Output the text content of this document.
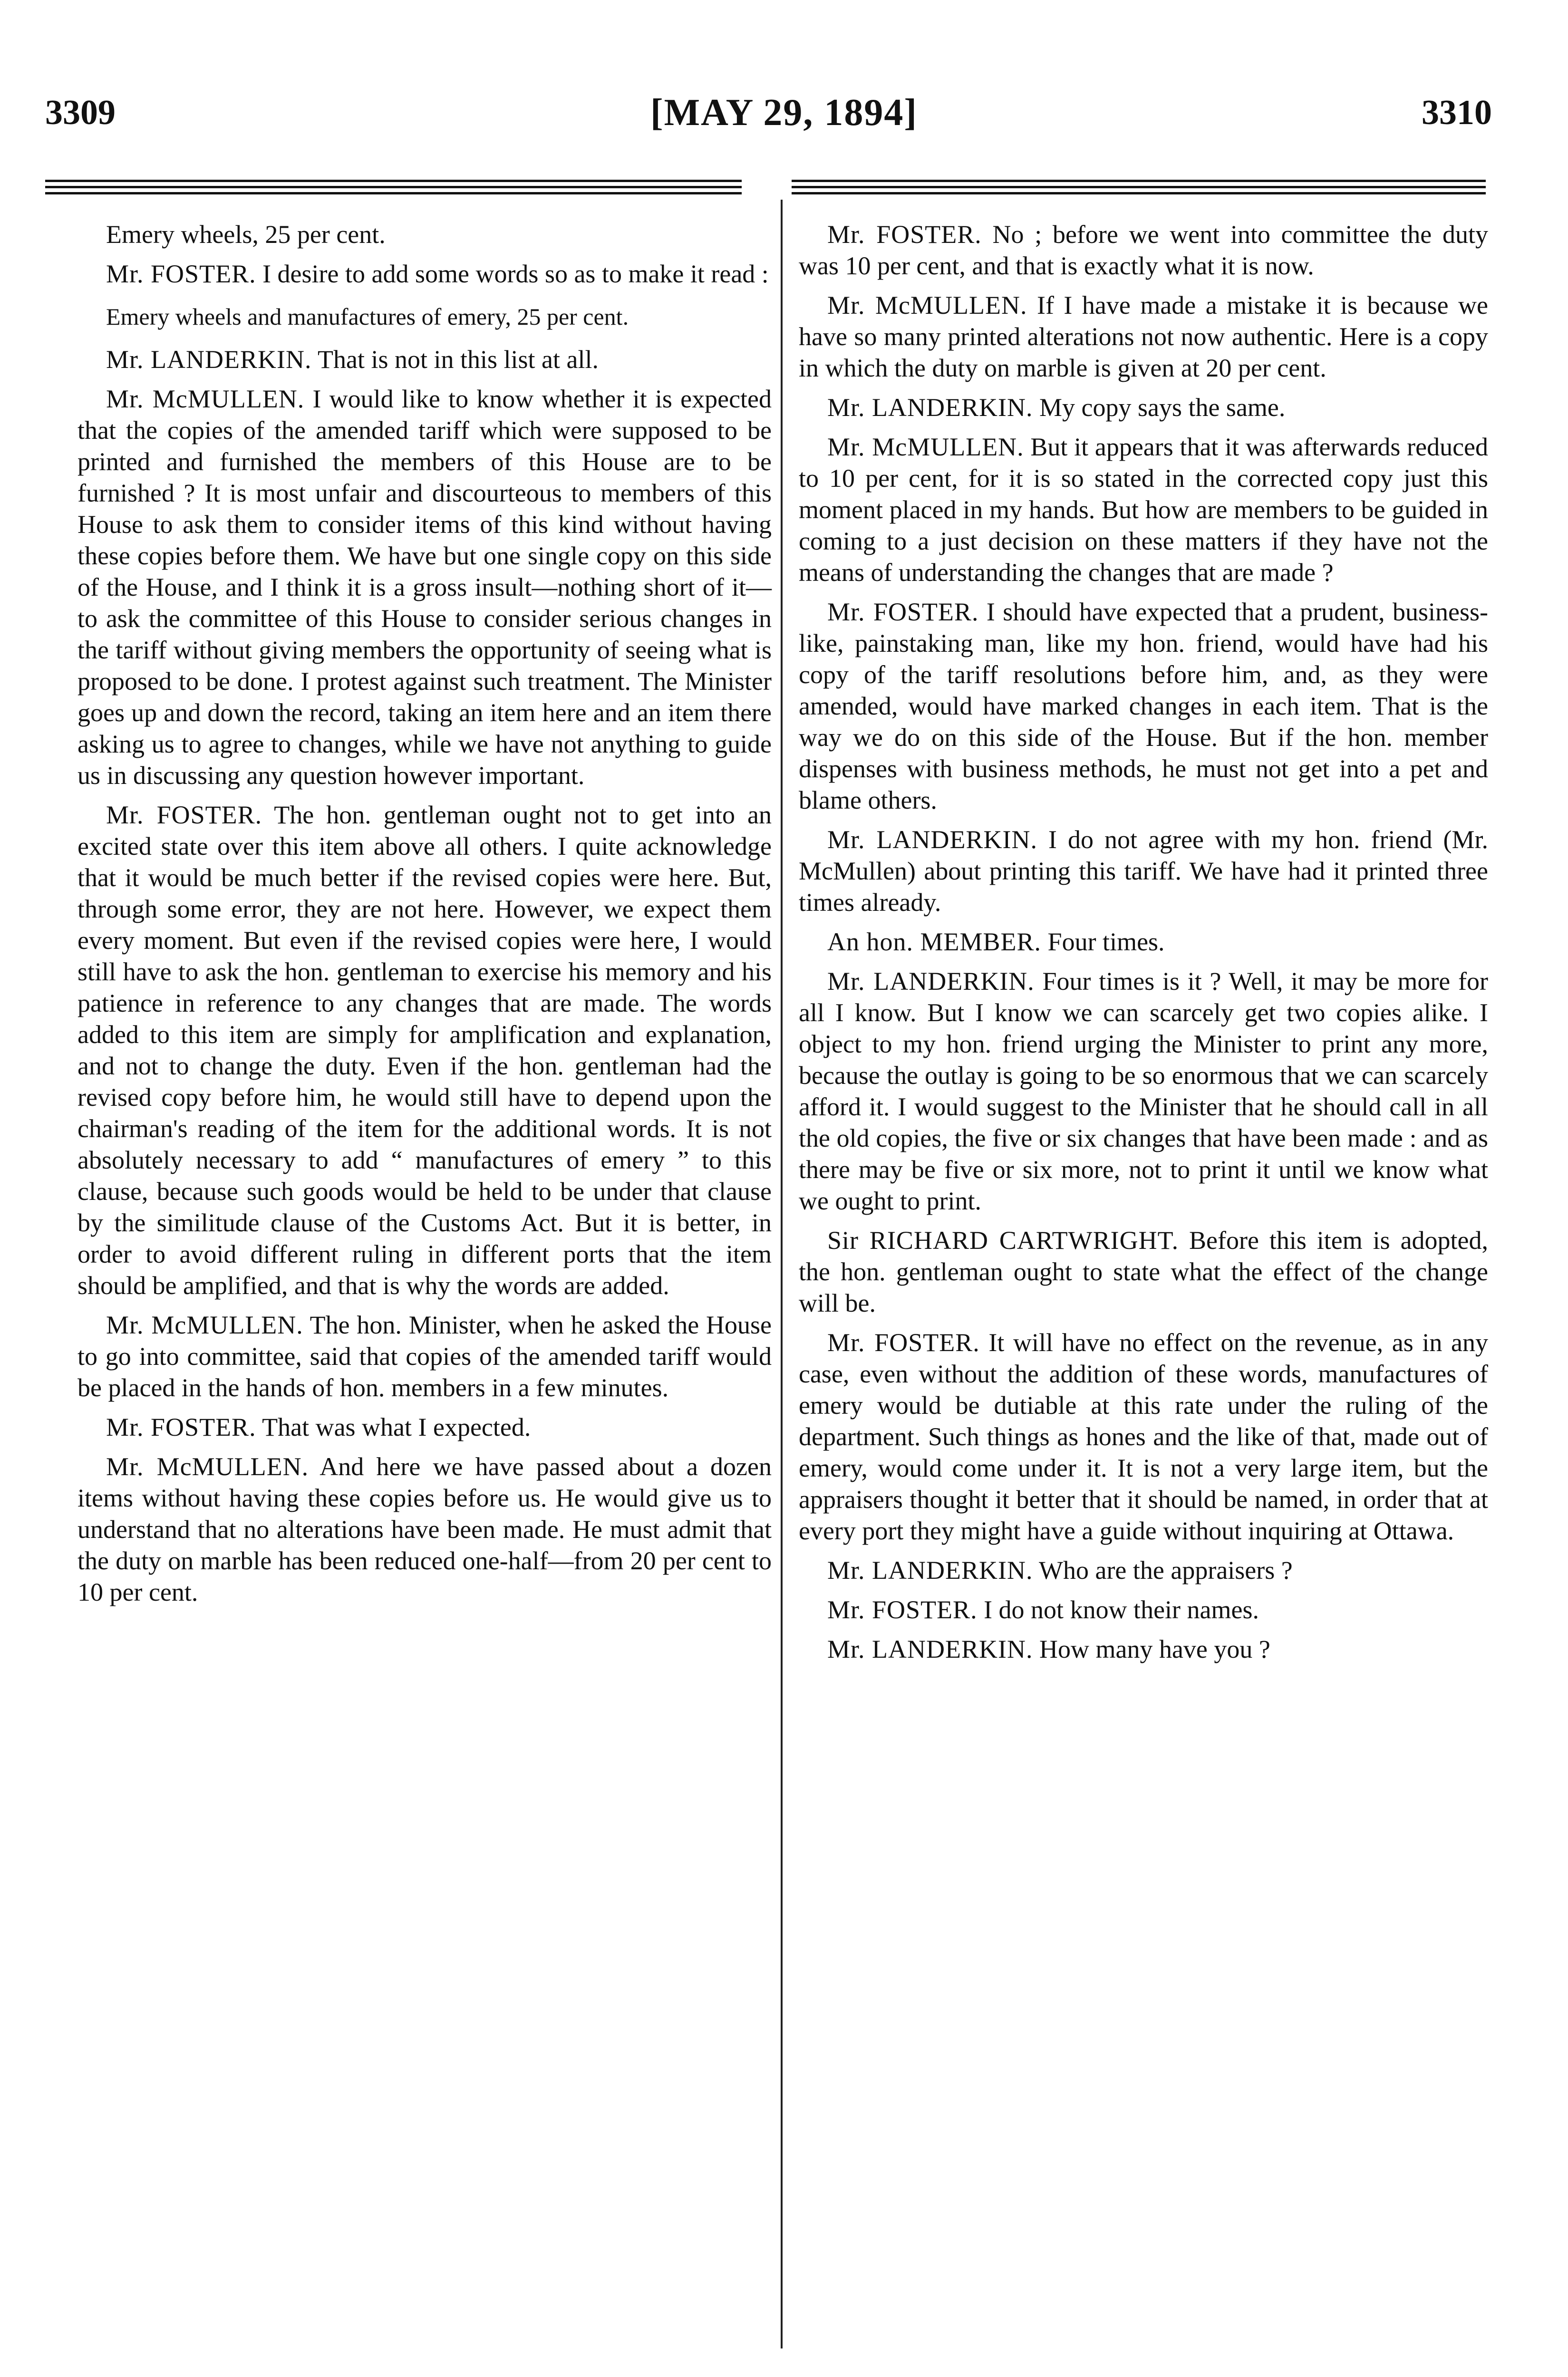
3309	[MAY 29, 1894]	3310

Emery wheels, 25 per cent.

Mr. FOSTER. I desire to add some words so as to make it read :

Emery wheels and manufactures of emery, 25 per cent.

Mr. LANDERKIN. That is not in this list at all.

Mr. McMULLEN. I would like to know whether it is expected that the copies of the amended tariff which were supposed to be printed and furnished the members of this House are to be furnished ? It is most unfair and discourteous to members of this House to ask them to consider items of this kind without having these copies before them. We have but one single copy on this side of the House, and I think it is a gross insult—nothing short of it—to ask the committee of this House to consider serious changes in the tariff without giving members the opportunity of seeing what is proposed to be done. I protest against such treatment. The Minister goes up and down the record, taking an item here and an item there asking us to agree to changes, while we have not anything to guide us in discussing any question however important.

Mr. FOSTER. The hon. gentleman ought not to get into an excited state over this item above all others. I quite acknowledge that it would be much better if the revised copies were here. But, through some error, they are not here. However, we expect them every moment. But even if the revised copies were here, I would still have to ask the hon. gentleman to exercise his memory and his patience in reference to any changes that are made. The words added to this item are simply for amplification and explanation, and not to change the duty. Even if the hon. gentleman had the revised copy before him, he would still have to depend upon the chairman's reading of the item for the additional words. It is not absolutely necessary to add “ manufactures of emery ” to this clause, because such goods would be held to be under that clause by the similitude clause of the Customs Act. But it is better, in order to avoid different ruling in different ports that the item should be amplified, and that is why the words are added.

Mr. McMULLEN. The hon. Minister, when he asked the House to go into committee, said that copies of the amended tariff would be placed in the hands of hon. members in a few minutes.

Mr. FOSTER. That was what I expected.

Mr. McMULLEN. And here we have passed about a dozen items without having these copies before us. He would give us to understand that no alterations have been made. He must admit that the duty on marble has been reduced one-half—from 20 per cent to 10 per cent.

Mr. FOSTER. No ; before we went into committee the duty was 10 per cent, and that is exactly what it is now.

Mr. McMULLEN. If I have made a mistake it is because we have so many printed alterations not now authentic. Here is a copy in which the duty on marble is given at 20 per cent.

Mr. LANDERKIN. My copy says the same.

Mr. McMULLEN. But it appears that it was afterwards reduced to 10 per cent, for it is so stated in the corrected copy just this moment placed in my hands. But how are members to be guided in coming to a just decision on these matters if they have not the means of understanding the changes that are made ?

Mr. FOSTER. I should have expected that a prudent, business-like, painstaking man, like my hon. friend, would have had his copy of the tariff resolutions before him, and, as they were amended, would have marked changes in each item. That is the way we do on this side of the House. But if the hon. member dispenses with business methods, he must not get into a pet and blame others.

Mr. LANDERKIN. I do not agree with my hon. friend (Mr. McMullen) about printing this tariff. We have had it printed three times already.

An hon. MEMBER. Four times.

Mr. LANDERKIN. Four times is it ? Well, it may be more for all I know. But I know we can scarcely get two copies alike. I object to my hon. friend urging the Minister to print any more, because the outlay is going to be so enormous that we can scarcely afford it. I would suggest to the Minister that he should call in all the old copies, the five or six changes that have been made : and as there may be five or six more, not to print it until we know what we ought to print.

Sir RICHARD CARTWRIGHT. Before this item is adopted, the hon. gentleman ought to state what the effect of the change will be.

Mr. FOSTER. It will have no effect on the revenue, as in any case, even without the addition of these words, manufactures of emery would be dutiable at this rate under the ruling of the department. Such things as hones and the like of that, made out of emery, would come under it. It is not a very large item, but the appraisers thought it better that it should be named, in order that at every port they might have a guide without inquiring at Ottawa.

Mr. LANDERKIN. Who are the appraisers ?

Mr. FOSTER. I do not know their names.

Mr. LANDERKIN. How many have you ?
